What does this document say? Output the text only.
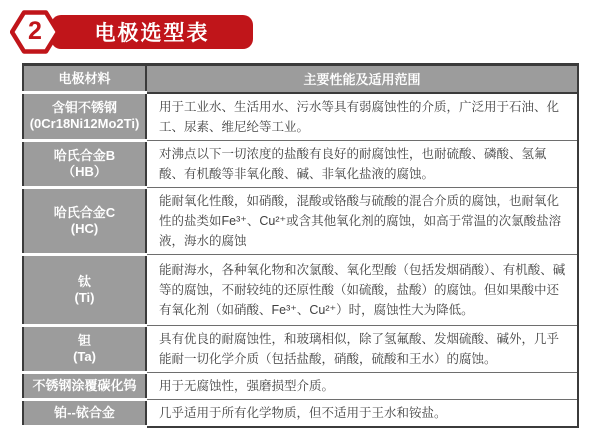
2	电极选型表
电极材料	主要性能及适用范围

含钼不锈钢
(0Cr18Ni12Mo2Ti)	用于工业水、生活用水、污水等具有弱腐蚀性的介质，广泛用于石油、化工、尿素、维尼纶等工业。

哈氏合金B
（HB）	对沸点以下一切浓度的盐酸有良好的耐腐蚀性，也耐硫酸、磷酸、氢氟酸、有机酸等非氧化酸、碱、非氧化盐液的腐蚀。

哈氏合金C
(HC)	能耐氧化性酸，如硝酸，混酸或铬酸与硫酸的混合介质的腐蚀，也耐氧化性的盐类如Fe³⁺、Cu²⁺或含其他氧化剂的腐蚀，如高于常温的次氯酸盐溶液，海水的腐蚀

钛
(Ti)	能耐海水，各种氧化物和次氯酸、氧化型酸（包括发烟硝酸）、有机酸、碱等的腐蚀，不耐较纯的还原性酸（如硫酸，盐酸）的腐蚀。但如果酸中还有氧化剂（如硝酸、Fe³⁺、Cu²⁺）时，腐蚀性大为降低。

钽
(Ta)	具有优良的耐腐蚀性，和玻璃相似，除了氢氟酸、发烟硫酸、碱外，几乎能耐一切化学介质（包括盐酸，硝酸，硫酸和王水）的腐蚀。

不锈钢涂覆碳化钨	用于无腐蚀性，强磨损型介质。

铂--铱合金	几乎适用于所有化学物质，但不适用于王水和铵盐。
